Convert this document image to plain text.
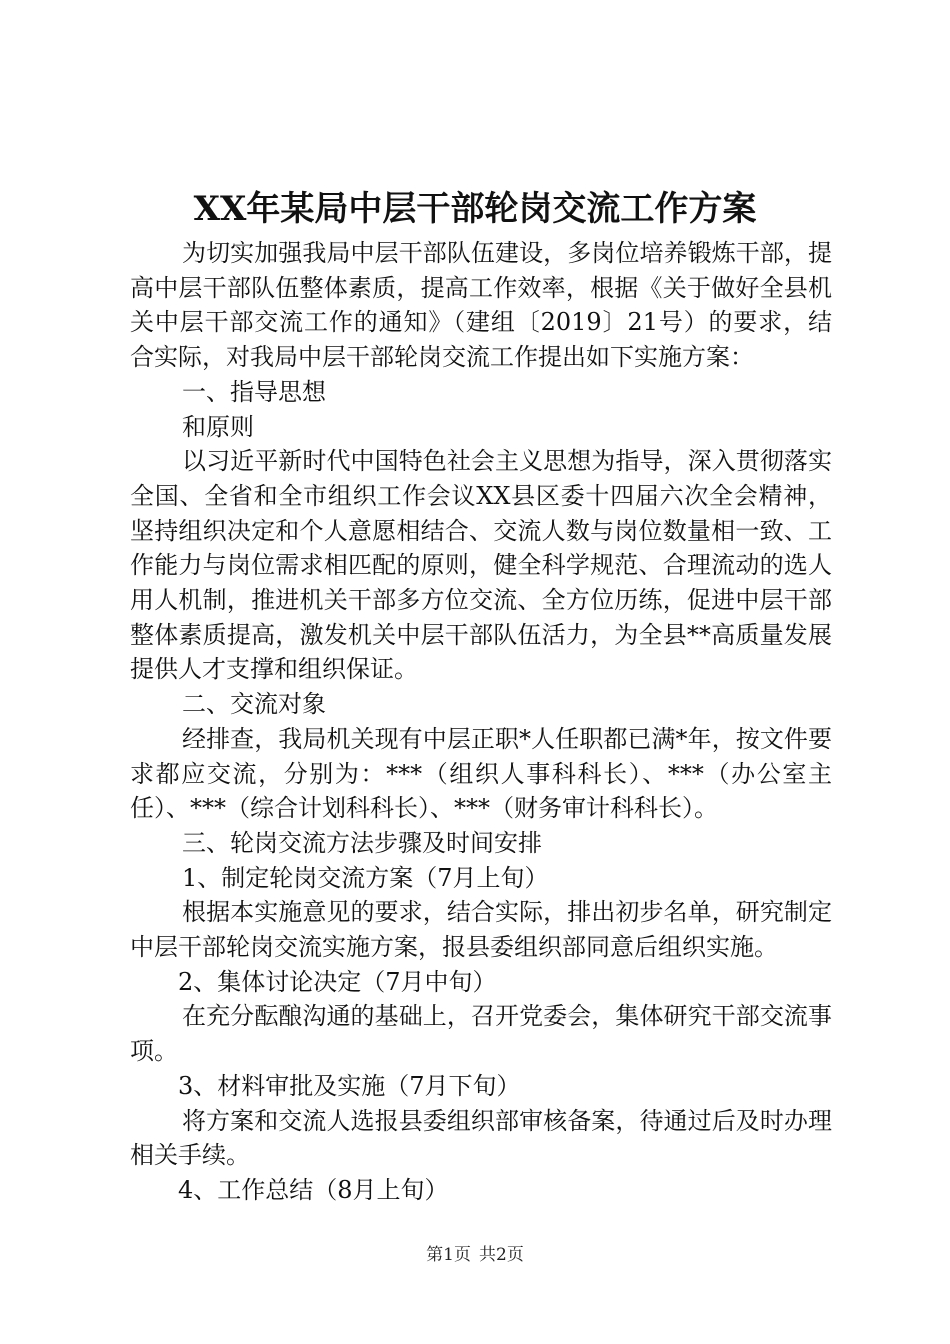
XX年某局中层干部轮岗交流工作方案

为切实加强我局中层干部队伍建设，多岗位培养锻炼干部，提高中层干部队伍整体素质，提高工作效率，根据《关于做好全县机关中层干部交流工作的通知》（建组〔2019〕21号）的要求，结合实际，对我局中层干部轮岗交流工作提出如下实施方案：

一、指导思想

和原则

以习近平新时代中国特色社会主义思想为指导，深入贯彻落实全国、全省和全市组织工作会议XX县区委十四届六次全会精神，坚持组织决定和个人意愿相结合、交流人数与岗位数量相一致、工作能力与岗位需求相匹配的原则，健全科学规范、合理流动的选人用人机制，推进机关干部多方位交流、全方位历练，促进中层干部整体素质提高，激发机关中层干部队伍活力，为全县**高质量发展提供人才支撑和组织保证。

二、交流对象

经排查，我局机关现有中层正职*人任职都已满*年，按文件要求都应交流，分别为：***（组织人事科科长）、***（办公室主任）、***（综合计划科科长）、***（财务审计科科长）。

三、轮岗交流方法步骤及时间安排

1、制定轮岗交流方案（7月上旬）

根据本实施意见的要求，结合实际，排出初步名单，研究制定中层干部轮岗交流实施方案，报县委组织部同意后组织实施。

2、集体讨论决定（7月中旬）

在充分酝酿沟通的基础上，召开党委会，集体研究干部交流事项。

3、材料审批及实施（7月下旬）

将方案和交流人选报县委组织部审核备案，待通过后及时办理相关手续。

4、工作总结（8月上旬）

第1页 共2页
